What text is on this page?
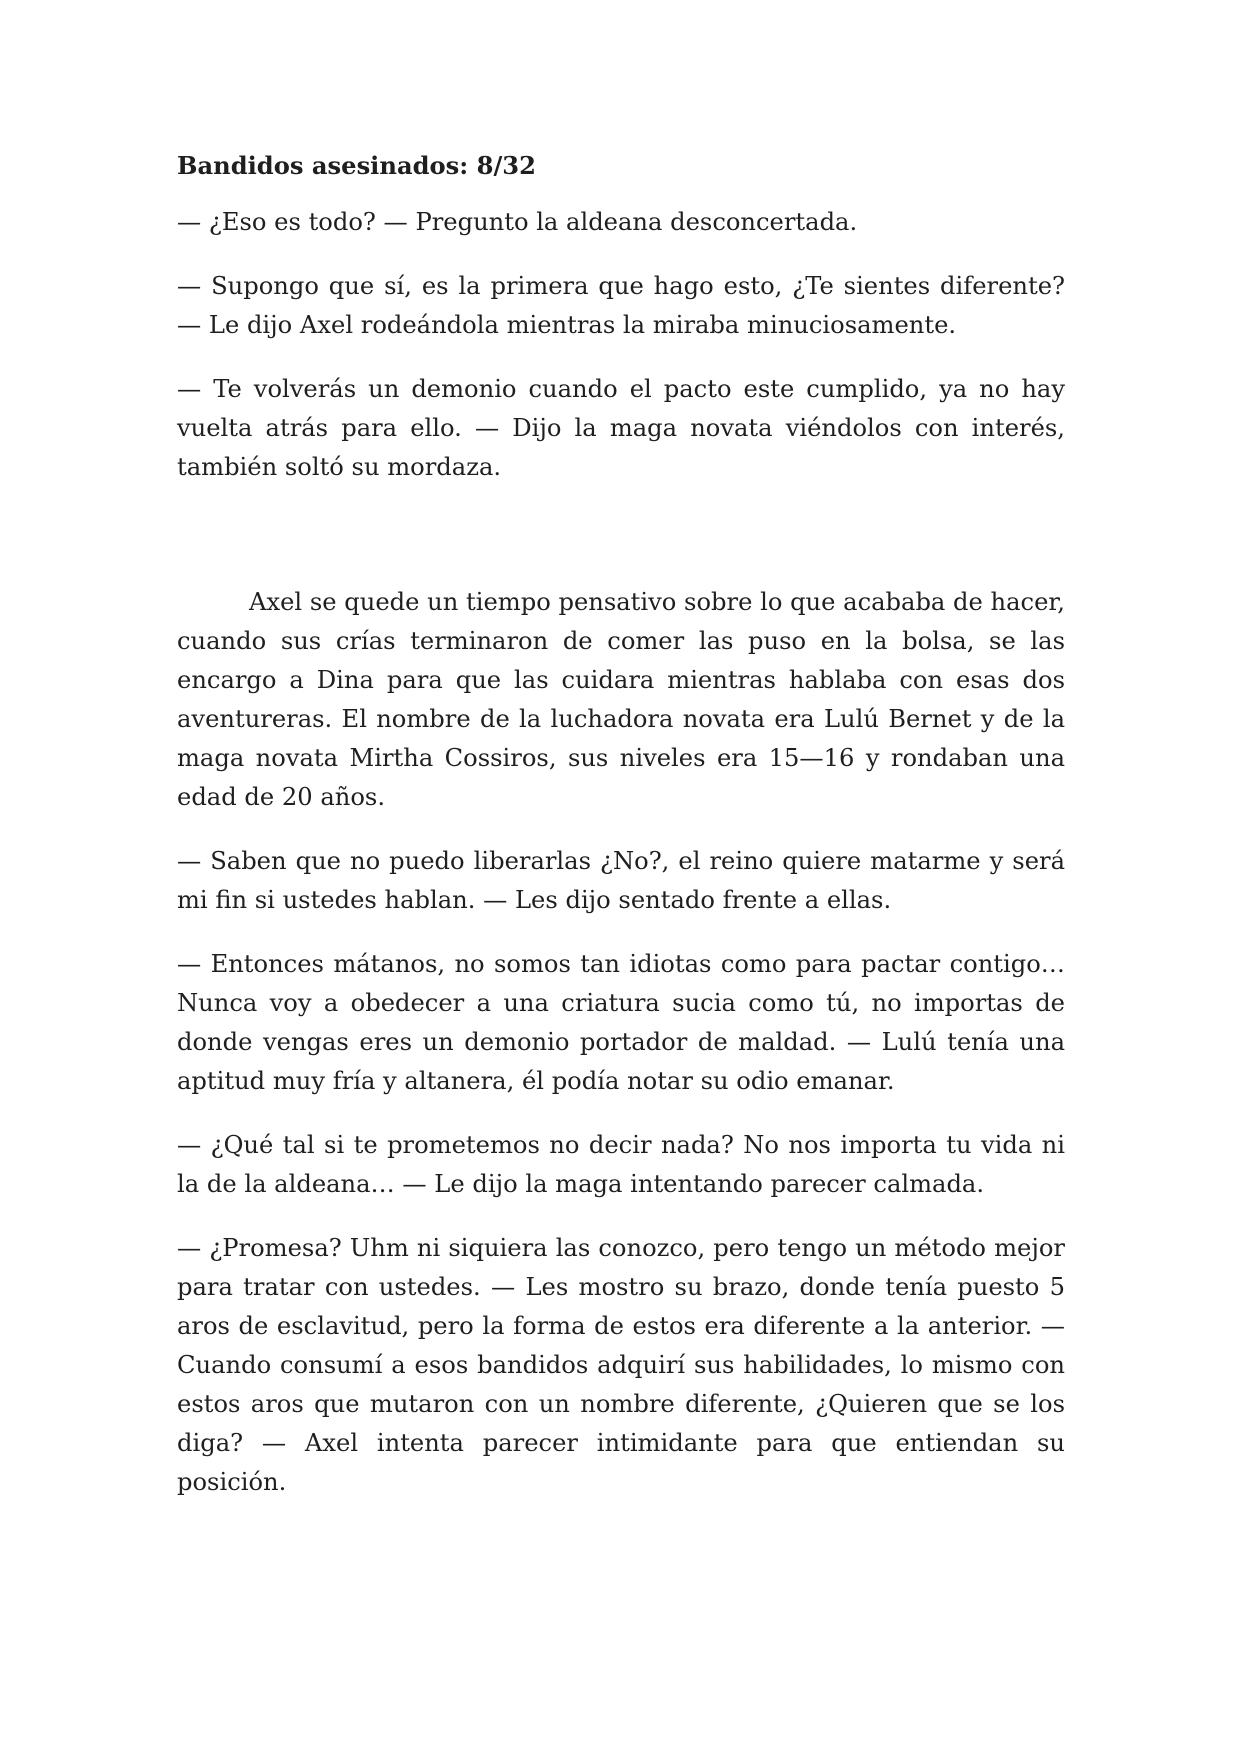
Bandidos asesinados: 8/32

— ¿Eso es todo? — Pregunto la aldeana desconcertada.

— Supongo que sí, es la primera que hago esto, ¿Te sientes diferente? — Le dijo Axel rodeándola mientras la miraba minuciosamente.

— Te volverás un demonio cuando el pacto este cumplido, ya no hay vuelta atrás para ello. — Dijo la maga novata viéndolos con interés, también soltó su mordaza.

Axel se quede un tiempo pensativo sobre lo que acababa de hacer, cuando sus crías terminaron de comer las puso en la bolsa, se las encargo a Dina para que las cuidara mientras hablaba con esas dos aventureras. El nombre de la luchadora novata era Lulú Bernet y de la maga novata Mirtha Cossiros, sus niveles era 15—16 y rondaban una edad de 20 años.

— Saben que no puedo liberarlas ¿No?, el reino quiere matarme y será mi fin si ustedes hablan. — Les dijo sentado frente a ellas.

— Entonces mátanos, no somos tan idiotas como para pactar contigo… Nunca voy a obedecer a una criatura sucia como tú, no importas de donde vengas eres un demonio portador de maldad. — Lulú tenía una aptitud muy fría y altanera, él podía notar su odio emanar.

— ¿Qué tal si te prometemos no decir nada? No nos importa tu vida ni la de la aldeana… — Le dijo la maga intentando parecer calmada.

— ¿Promesa? Uhm ni siquiera las conozco, pero tengo un método mejor para tratar con ustedes. — Les mostro su brazo, donde tenía puesto 5 aros de esclavitud, pero la forma de estos era diferente a la anterior. — Cuando consumí a esos bandidos adquirí sus habilidades, lo mismo con estos aros que mutaron con un nombre diferente, ¿Quieren que se los diga? — Axel intenta parecer intimidante para que entiendan su posición.
